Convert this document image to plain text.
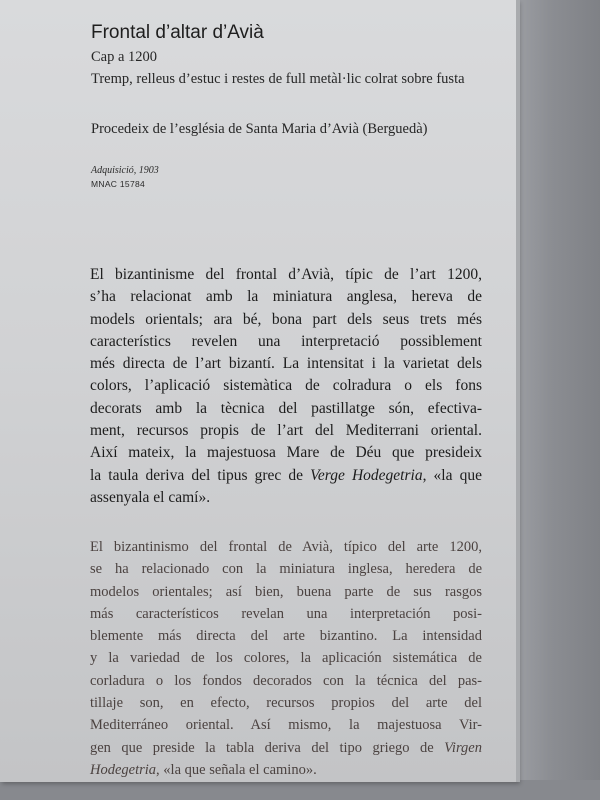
Frontal d’altar d’Avià
Cap a 1200
Tremp, relleus d’estuc i restes de full metàl·lic colrat sobre fusta
Procedeix de l’església de Santa Maria d’Avià (Berguedà)
Adquisició, 1903
MNAC 15784

El bizantinisme del frontal d’Avià, típic de l’art 1200,
s’ha relacionat amb la miniatura anglesa, hereva de
models orientals; ara bé, bona part dels seus trets més
característics revelen una interpretació possiblement
més directa de l’art bizantí. La intensitat i la varietat dels
colors, l’aplicació sistemàtica de colradura o els fons
decorats amb la tècnica del pastillatge són, efectiva-
ment, recursos propis de l’art del Mediterrani oriental.
Així mateix, la majestuosa Mare de Déu que presideix
la taula deriva del tipus grec de Verge Hodegetria, «la que
assenyala el camí».

El bizantinismo del frontal de Avià, típico del arte 1200,
se ha relacionado con la miniatura inglesa, heredera de
modelos orientales; así bien, buena parte de sus rasgos
más característicos revelan una interpretación posi-
blemente más directa del arte bizantino. La intensidad
y la variedad de los colores, la aplicación sistemática de
corladura o los fondos decorados con la técnica del pas-
tillaje son, en efecto, recursos propios del arte del
Mediterráneo oriental. Así mismo, la majestuosa Vir-
gen que preside la tabla deriva del tipo griego de Virgen
Hodegetria, «la que señala el camino».
